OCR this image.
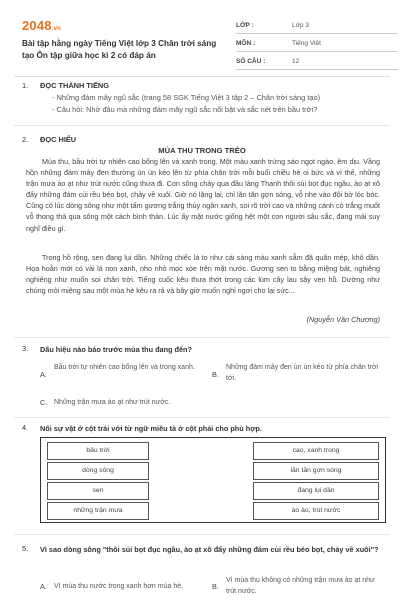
2048.vn
Bài tập hằng ngày Tiếng Việt lớp 3 Chân trời sáng tạo Ôn tập giữa học kì 2 có đáp án
LỚP :	Lớp 3
MÔN :	Tiếng Việt
SỐ CÂU :	12
1. ĐỌC THÀNH TIẾNG
- Những đám mây ngũ sắc (trang 58 SGK Tiếng Việt 3 tập 2 – Chân trời sáng tạo)
- Câu hỏi: Nhờ đâu mà những đám mây ngũ sắc nổi bật và sắc nét trên bầu trời?
2. ĐỌC HIỂU
MÙA THU TRONG TRẺO

Mùa thu, bầu trời tự nhiên cao bổng lên và xanh trong. Một màu xanh trứng sáo ngọt ngào, êm dịu. Vầng hồn những đám mây đen thường ùn ùn kéo lên từ phía chân trời mỗi buổi chiều hè oi bức và vì thế, những trận mưa ào ạt như trút nước cũng thưa đi. Con sông chảy qua đầu làng Thanh thôi sủi bọt đục ngầu, ào ạt xô đẩy những đám củi rều béo bọt, chảy về xuôi. Giờ nó lặng lại, chỉ lăn tăn gợn sóng, vỗ nhẹ vào đôi bờ lóc bóc. Cũng có lúc dòng sông như một tấm gương trắng thủy ngân xanh, soi rõ trời cao và những cánh cò trắng muốt vỗ thong thả qua sông một cách bình thản. Lúc ấy mặt nước giống hệt một con người sâu sắc, đang mải suy nghĩ điều gì.

Trong hồ rộng, sen đang lụi dần. Những chiếc lá to như cái sàng màu xanh sẫm đã quăn mép, khô dần. Họa hoằn mới có vài lá non xanh, nho nhỏ mọc xòe trên mặt nước. Gương sen to bằng miệng bát, nghiêng nghiêng như muốn soi chân trời. Tiếng cuốc kêu thưa thớt trong các lùm cây lau sậy ven hồ. Dường như chúng mỏi miệng sau một mùa hè kêu ra rả và bây giờ muốn nghỉ ngơi cho lại sức...

(Nguyễn Văn Chương)
3. Dấu hiệu nào báo trước mùa thu đang đến?
A.
Bầu trời tự nhiên cao bổng lên và trong xanh.
B.
Những đám mây đen ùn ùn kéo từ phía chân trời tới.
C. Những trận mưa ào ạt như trút nước.
4. Nối sự vật ở cột trái với từ ngữ miêu tả ở cột phải cho phù hợp.
bầu trời
dòng sông
sen
những trận mưa
cao, xanh trong
lăn tăn gợn sóng
đang lụi dần
ào ào, trút nước
5. Vì sao dòng sông "thôi sủi bọt đục ngầu, ào ạt xô đẩy những đám củi rều béo bọt, chảy về xuôi"?
A. Vì mùa thu nước trong xanh hơn mùa hè.	B.
Vì mùa thu không có những trận mưa ào ạt như trút nước.
